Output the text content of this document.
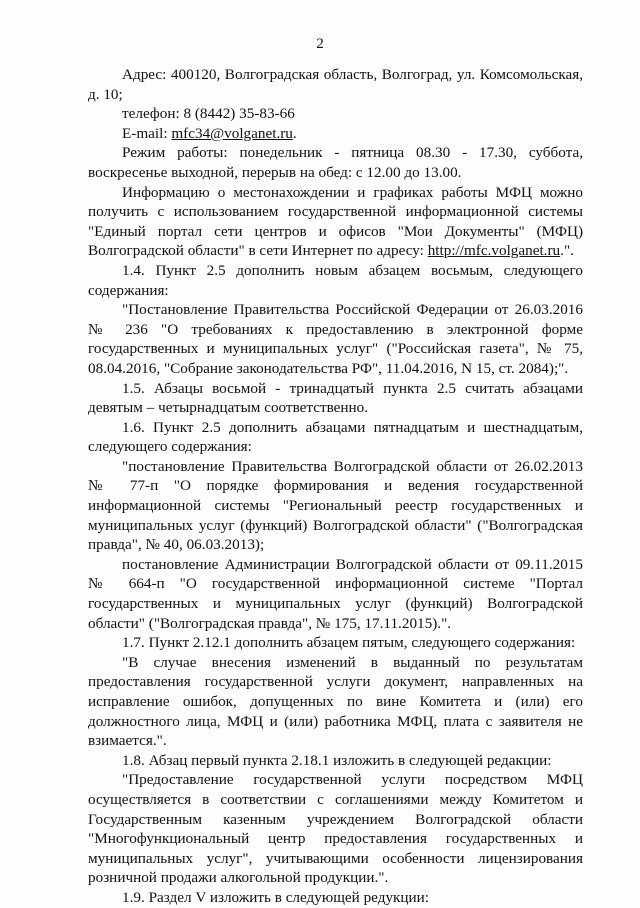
2

Адрес: 400120, Волгоградская область, Волгоград, ул. Комсомольская, д. 10;

телефон: 8 (8442) 35-83-66

E-mail: mfc34@volganet.ru.

Режим работы: понедельник - пятница 08.30 - 17.30, суббота, воскресенье выходной, перерыв на обед: с 12.00 до 13.00.

Информацию о местонахождении и графиках работы МФЦ можно получить с использованием государственной информационной системы "Единый портал сети центров и офисов "Мои Документы" (МФЦ) Волгоградской области" в сети Интернет по адресу: http://mfc.volganet.ru.".

1.4. Пункт 2.5 дополнить новым абзацем восьмым, следующего содержания:

"Постановление Правительства Российской Федерации от 26.03.2016 № 236 "О требованиях к предоставлению в электронной форме государственных и муниципальных услуг" ("Российская газета", № 75, 08.04.2016, "Собрание законодательства РФ", 11.04.2016, N 15, ст. 2084);".

1.5. Абзацы восьмой - тринадцатый пункта 2.5 считать абзацами девятым – четырнадцатым соответственно.

1.6. Пункт 2.5 дополнить абзацами пятнадцатым и шестнадцатым, следующего содержания:

"постановление Правительства Волгоградской области от 26.02.2013 № 77-п "О порядке формирования и ведения государственной информационной системы "Региональный реестр государственных и муниципальных услуг (функций) Волгоградской области" ("Волгоградская правда", № 40, 06.03.2013);

постановление Администрации Волгоградской области от 09.11.2015 № 664-п "О государственной информационной системе "Портал государственных и муниципальных услуг (функций) Волгоградской области" ("Волгоградская правда", № 175, 17.11.2015).".

1.7. Пункт 2.12.1 дополнить абзацем пятым, следующего содержания:

"В случае внесения изменений в выданный по результатам предоставления государственной услуги документ, направленных на исправление ошибок, допущенных по вине Комитета и (или) его должностного лица, МФЦ и (или) работника МФЦ, плата с заявителя не взимается.".

1.8. Абзац первый пункта 2.18.1 изложить в следующей редакции:

"Предоставление государственной услуги посредством МФЦ осуществляется в соответствии с соглашениями между Комитетом и Государственным казенным учреждением Волгоградской области "Многофункциональный центр предоставления государственных и муниципальных услуг", учитывающими особенности лицензирования розничной продажи алкогольной продукции.".

1.9. Раздел V изложить в следующей редукции:
